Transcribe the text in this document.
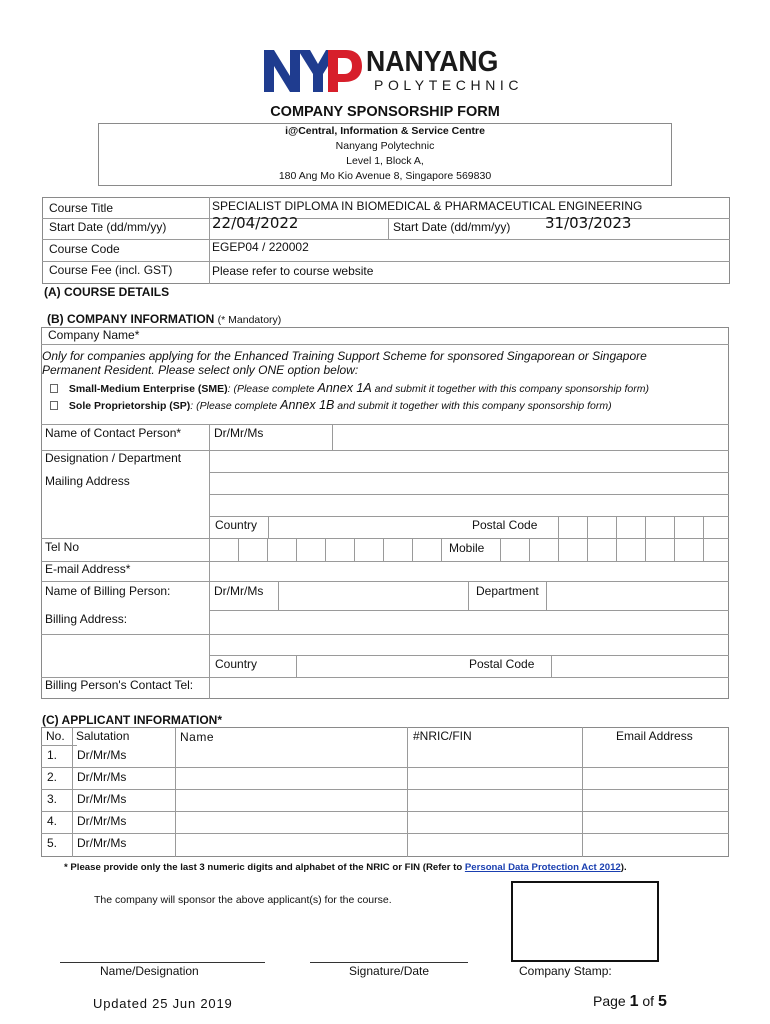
NANYANG
POLYTECHNIC
COMPANY SPONSORSHIP FORM
i@Central, Information & Service Centre
Nanyang Polytechnic
Level 1, Block A,
180 Ang Mo Kio Avenue 8, Singapore 569830
Course Title	SPECIALIST DIPLOMA IN BIOMEDICAL & PHARMACEUTICAL ENGINEERING
Start Date (dd/mm/yy)	22/04/2022	Start Date (dd/mm/yy) 31/03/2023
Course Code	EGEP04 / 220002
Course Fee (incl. GST)	Please refer to course website
(A) COURSE DETAILS
(B) COMPANY INFORMATION (* Mandatory)
Company Name*
Only for companies applying for the Enhanced Training Support Scheme for sponsored Singaporean or Singapore
Permanent Resident. Please select only ONE option below:
Small-Medium Enterprise (SME): (Please complete Annex 1A and submit it together with this company sponsorship form)
Sole Proprietorship (SP): (Please complete Annex 1B and submit it together with this company sponsorship form)
Name of Contact Person*	Dr/Mr/Ms
Designation / Department
Mailing Address
Country	Postal Code
Tel No	Mobile
E-mail Address*
Name of Billing Person:	Dr/Mr/Ms	Department
Billing Address:
Country	Postal Code
Billing Person's Contact Tel:
(C) APPLICANT INFORMATION*
No. Salutation	Name	#NRIC/FIN	Email Address
1. Dr/Mr/Ms
2. Dr/Mr/Ms
3. Dr/Mr/Ms
4. Dr/Mr/Ms
5. Dr/Mr/Ms
* Please provide only the last 3 numeric digits and alphabet of the NRIC or FIN (Refer to Personal Data Protection Act 2012).
The company will sponsor the above applicant(s) for the course.
Name/Designation	Signature/Date	Company Stamp:
Updated 25 Jun 2019	Page 1 of 5
